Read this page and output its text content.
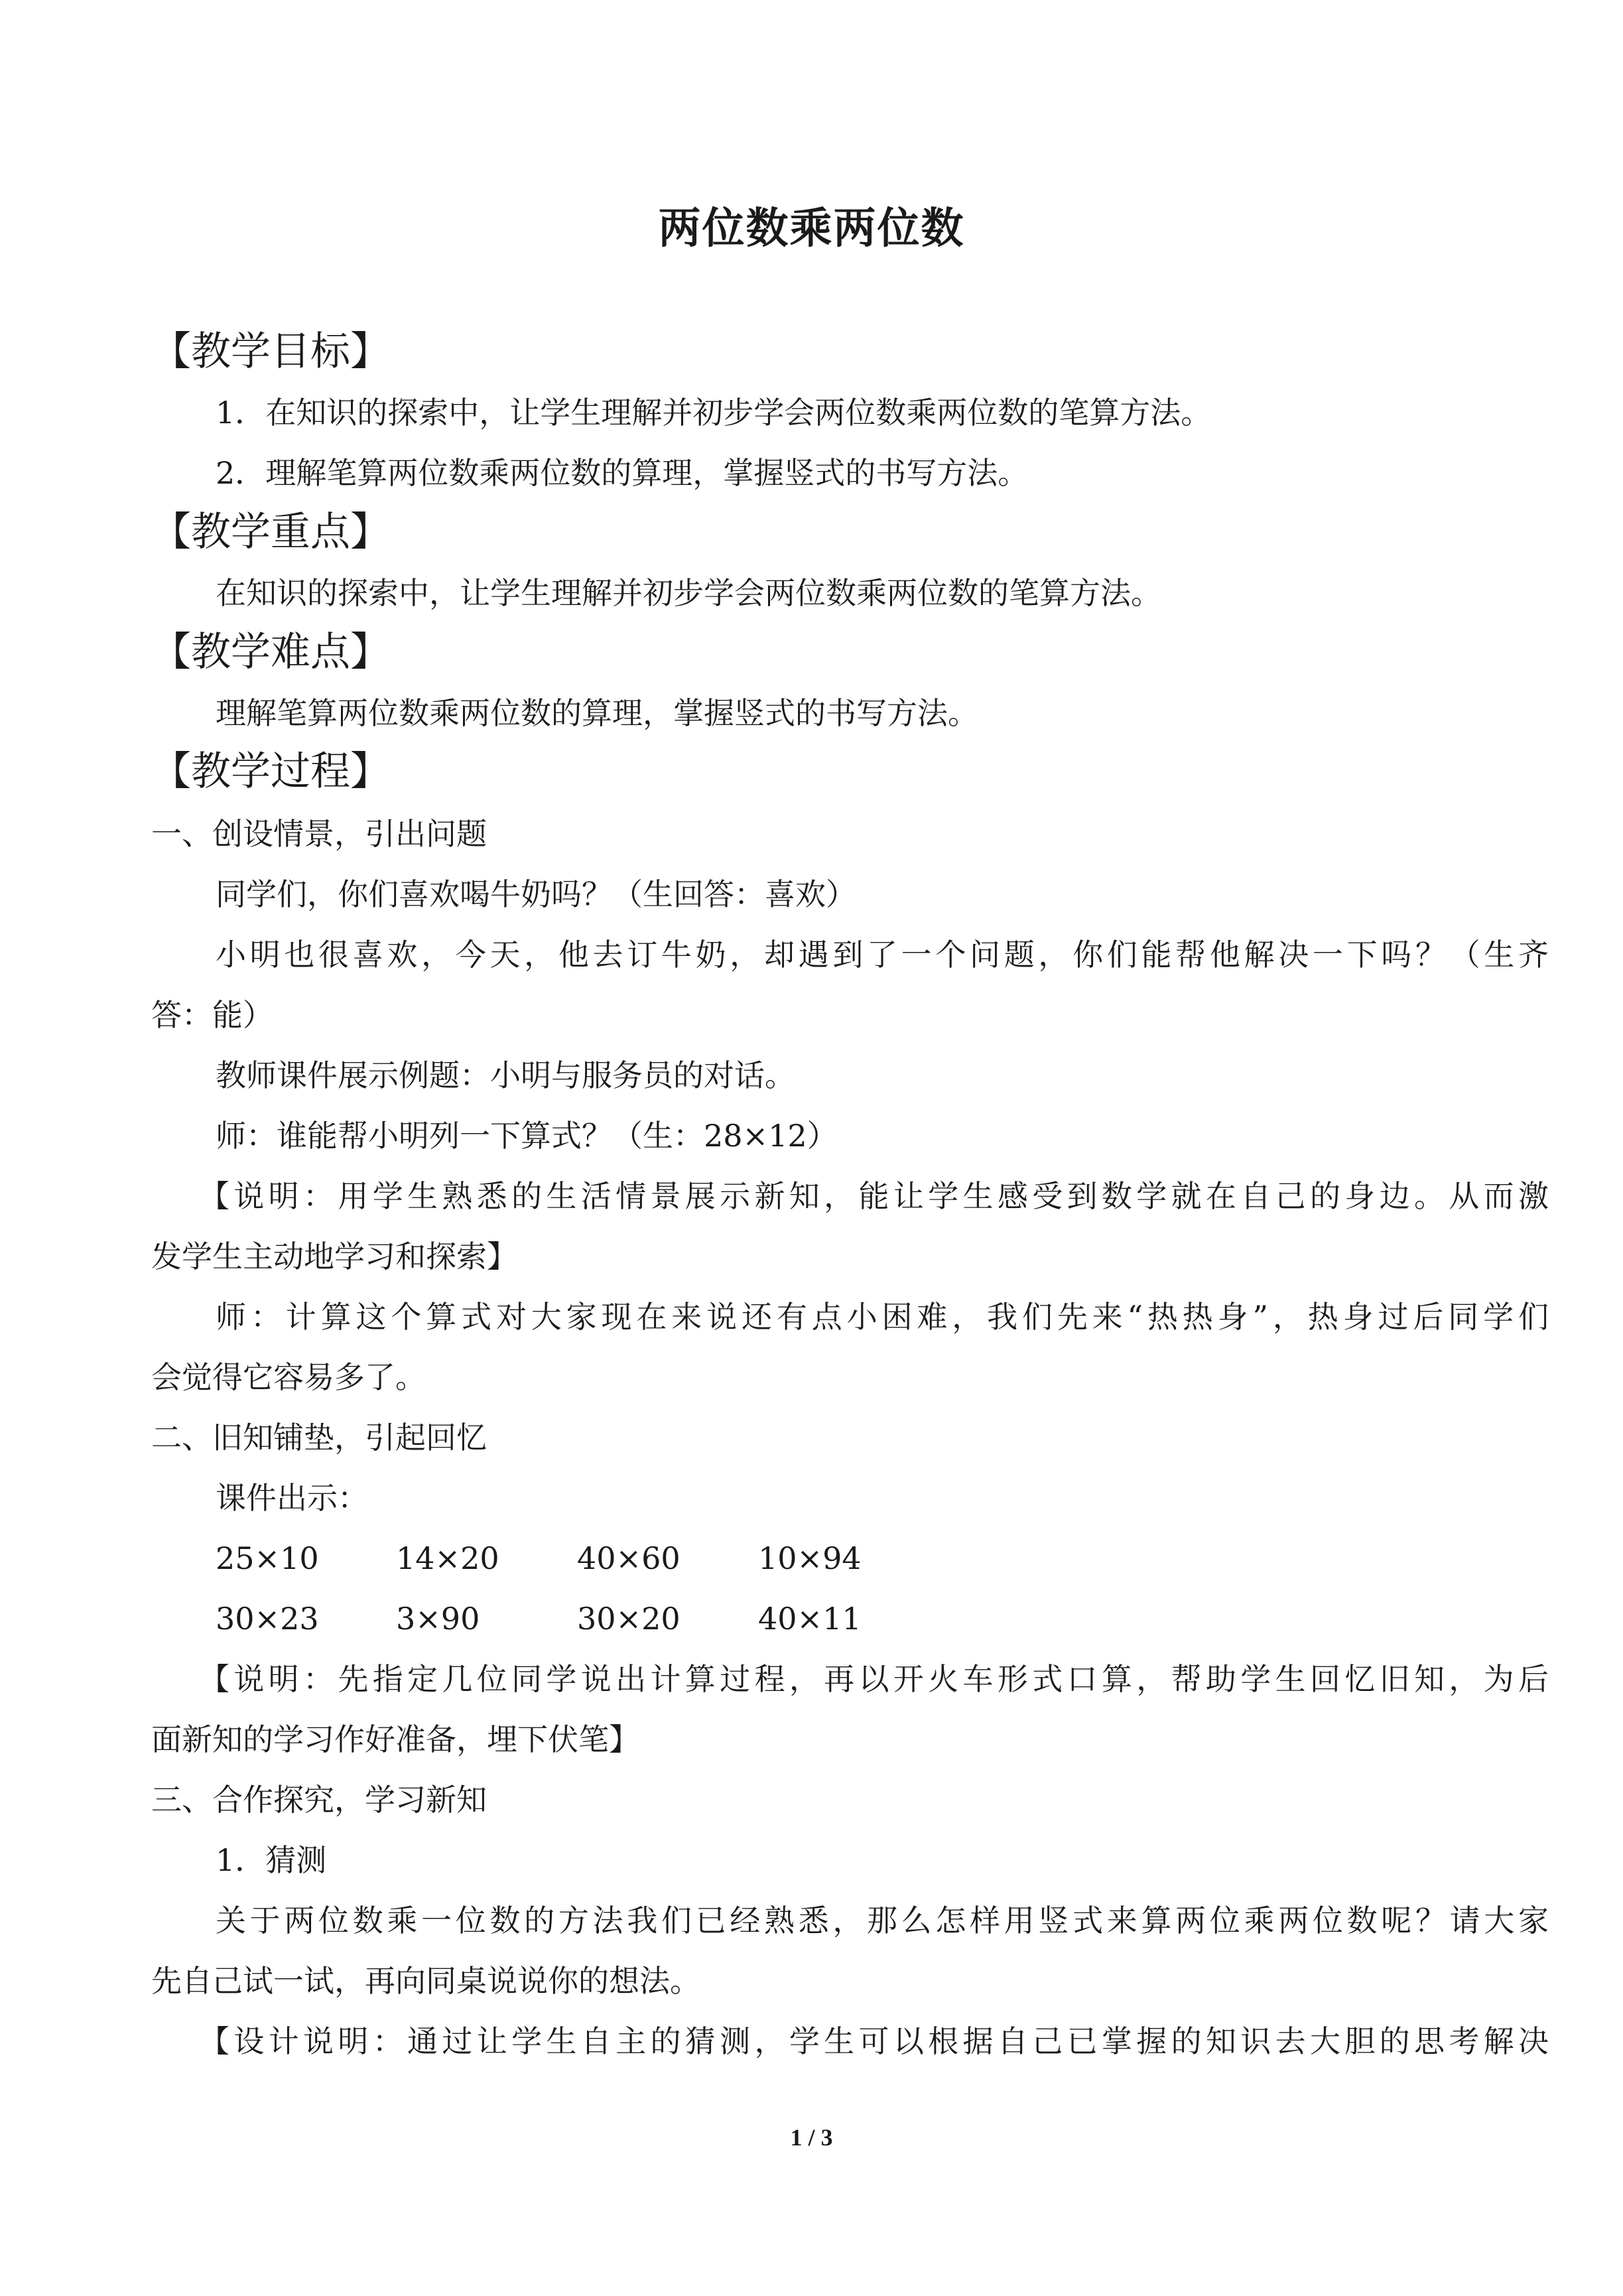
两位数乘两位数
【教学目标】
1．在知识的探索中，让学生理解并初步学会两位数乘两位数的笔算方法。
2．理解笔算两位数乘两位数的算理，掌握竖式的书写方法。
【教学重点】
在知识的探索中，让学生理解并初步学会两位数乘两位数的笔算方法。
【教学难点】
理解笔算两位数乘两位数的算理，掌握竖式的书写方法。
【教学过程】
一、创设情景，引出问题
同学们，你们喜欢喝牛奶吗？（生回答：喜欢）
小明也很喜欢，今天，他去订牛奶，却遇到了一个问题，你们能帮他解决一下吗？（生齐
答：能）
教师课件展示例题：小明与服务员的对话。
师：谁能帮小明列一下算式？（生：28×12）
【说明：用学生熟悉的生活情景展示新知，能让学生感受到数学就在自己的身边。从而激
发学生主动地学习和探索】
师：计算这个算式对大家现在来说还有点小困难，我们先来“热热身”，热身过后同学们
会觉得它容易多了。
二、旧知铺垫，引起回忆
课件出示：
25×10	14×20	40×60	10×94
30×23	3×90	30×20	40×11
【说明：先指定几位同学说出计算过程，再以开火车形式口算，帮助学生回忆旧知，为后
面新知的学习作好准备，埋下伏笔】
三、合作探究，学习新知
1．猜测
关于两位数乘一位数的方法我们已经熟悉，那么怎样用竖式来算两位乘两位数呢？请大家
先自己试一试，再向同桌说说你的想法。
【设计说明：通过让学生自主的猜测，学生可以根据自己已掌握的知识去大胆的思考解决
1 / 3
